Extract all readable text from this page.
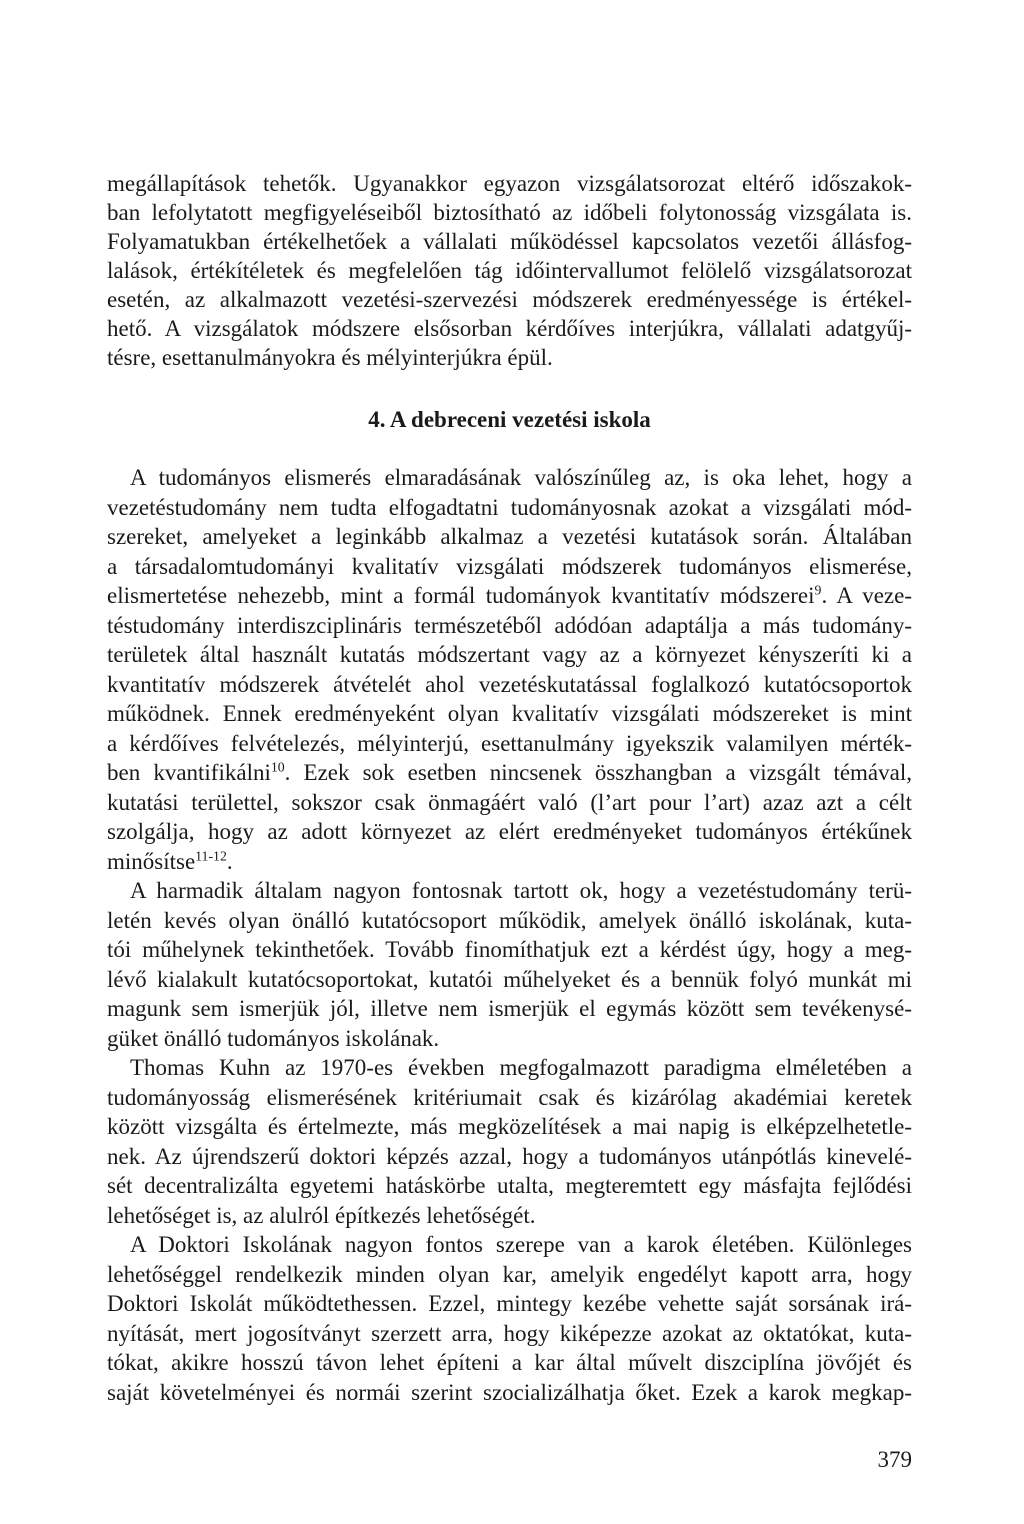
megállapítások tehetők. Ugyanakkor egyazon vizsgálatsorozat eltérő időszakok-
ban lefolytatott megfigyeléseiből biztosítható az időbeli folytonosság vizsgálata is.
Folyamatukban értékelhetőek a vállalati működéssel kapcsolatos vezetői állásfog-
lalások, értékítéletek és megfelelően tág időintervallumot felölelő vizsgálatsorozat
esetén, az alkalmazott vezetési-szervezési módszerek eredményessége is értékel-
hető. A vizsgálatok módszere elsősorban kérdőíves interjúkra, vállalati adatgyűj-
tésre, esettanulmányokra és mélyinterjúkra épül.
4. A debreceni vezetési iskola
A tudományos elismerés elmaradásának valószínűleg az, is oka lehet, hogy a
vezetéstudomány nem tudta elfogadtatni tudományosnak azokat a vizsgálati mód-
szereket, amelyeket a leginkább alkalmaz a vezetési kutatások során. Általában
a társadalomtudományi kvalitatív vizsgálati módszerek tudományos elismerése,
elismertetése nehezebb, mint a formál tudományok kvantitatív módszerei$^9$. A veze-
téstudomány interdiszciplináris természetéből adódóan adaptálja a más tudomány-
területek által használt kutatás módszertant vagy az a környezet kényszeríti ki a
kvantitatív módszerek átvételét ahol vezetéskutatással foglalkozó kutatócsoportok
működnek. Ennek eredményeként olyan kvalitatív vizsgálati módszereket is mint
a kérdőíves felvételezés, mélyinterjú, esettanulmány igyekszik valamilyen mérték-
ben kvantifikálni$^{10}$. Ezek sok esetben nincsenek összhangban a vizsgált témával,
kutatási területtel, sokszor csak önmagáért való (l’art pour l’art) azaz azt a célt
szolgálja, hogy az adott környezet az elért eredményeket tudományos értékűnek
minősítse$^{11-12}$.
A harmadik általam nagyon fontosnak tartott ok, hogy a vezetéstudomány terü-
letén kevés olyan önálló kutatócsoport működik, amelyek önálló iskolának, kuta-
tói műhelynek tekinthetőek. Tovább finomíthatjuk ezt a kérdést úgy, hogy a meg-
lévő kialakult kutatócsoportokat, kutatói műhelyeket és a bennük folyó munkát mi
magunk sem ismerjük jól, illetve nem ismerjük el egymás között sem tevékenysé-
güket önálló tudományos iskolának.
Thomas Kuhn az 1970-es években megfogalmazott paradigma elméletében a
tudományosság elismerésének kritériumait csak és kizárólag akadémiai keretek
között vizsgálta és értelmezte, más megközelítések a mai napig is elképzelhetetle-
nek. Az újrendszerű doktori képzés azzal, hogy a tudományos utánpótlás kinevelé-
sét decentralizálta egyetemi hatáskörbe utalta, megteremtett egy másfajta fejlődési
lehetőséget is, az alulról építkezés lehetőségét.
A Doktori Iskolának nagyon fontos szerepe van a karok életében. Különleges
lehetőséggel rendelkezik minden olyan kar, amelyik engedélyt kapott arra, hogy
Doktori Iskolát működtethessen. Ezzel, mintegy kezébe vehette saját sorsának irá-
nyítását, mert jogosítványt szerzett arra, hogy kiképezze azokat az oktatókat, kuta-
tókat, akikre hosszú távon lehet építeni a kar által művelt diszciplína jövőjét és
saját követelményei és normái szerint szocializálhatja őket. Ezek a karok megkap-
379
